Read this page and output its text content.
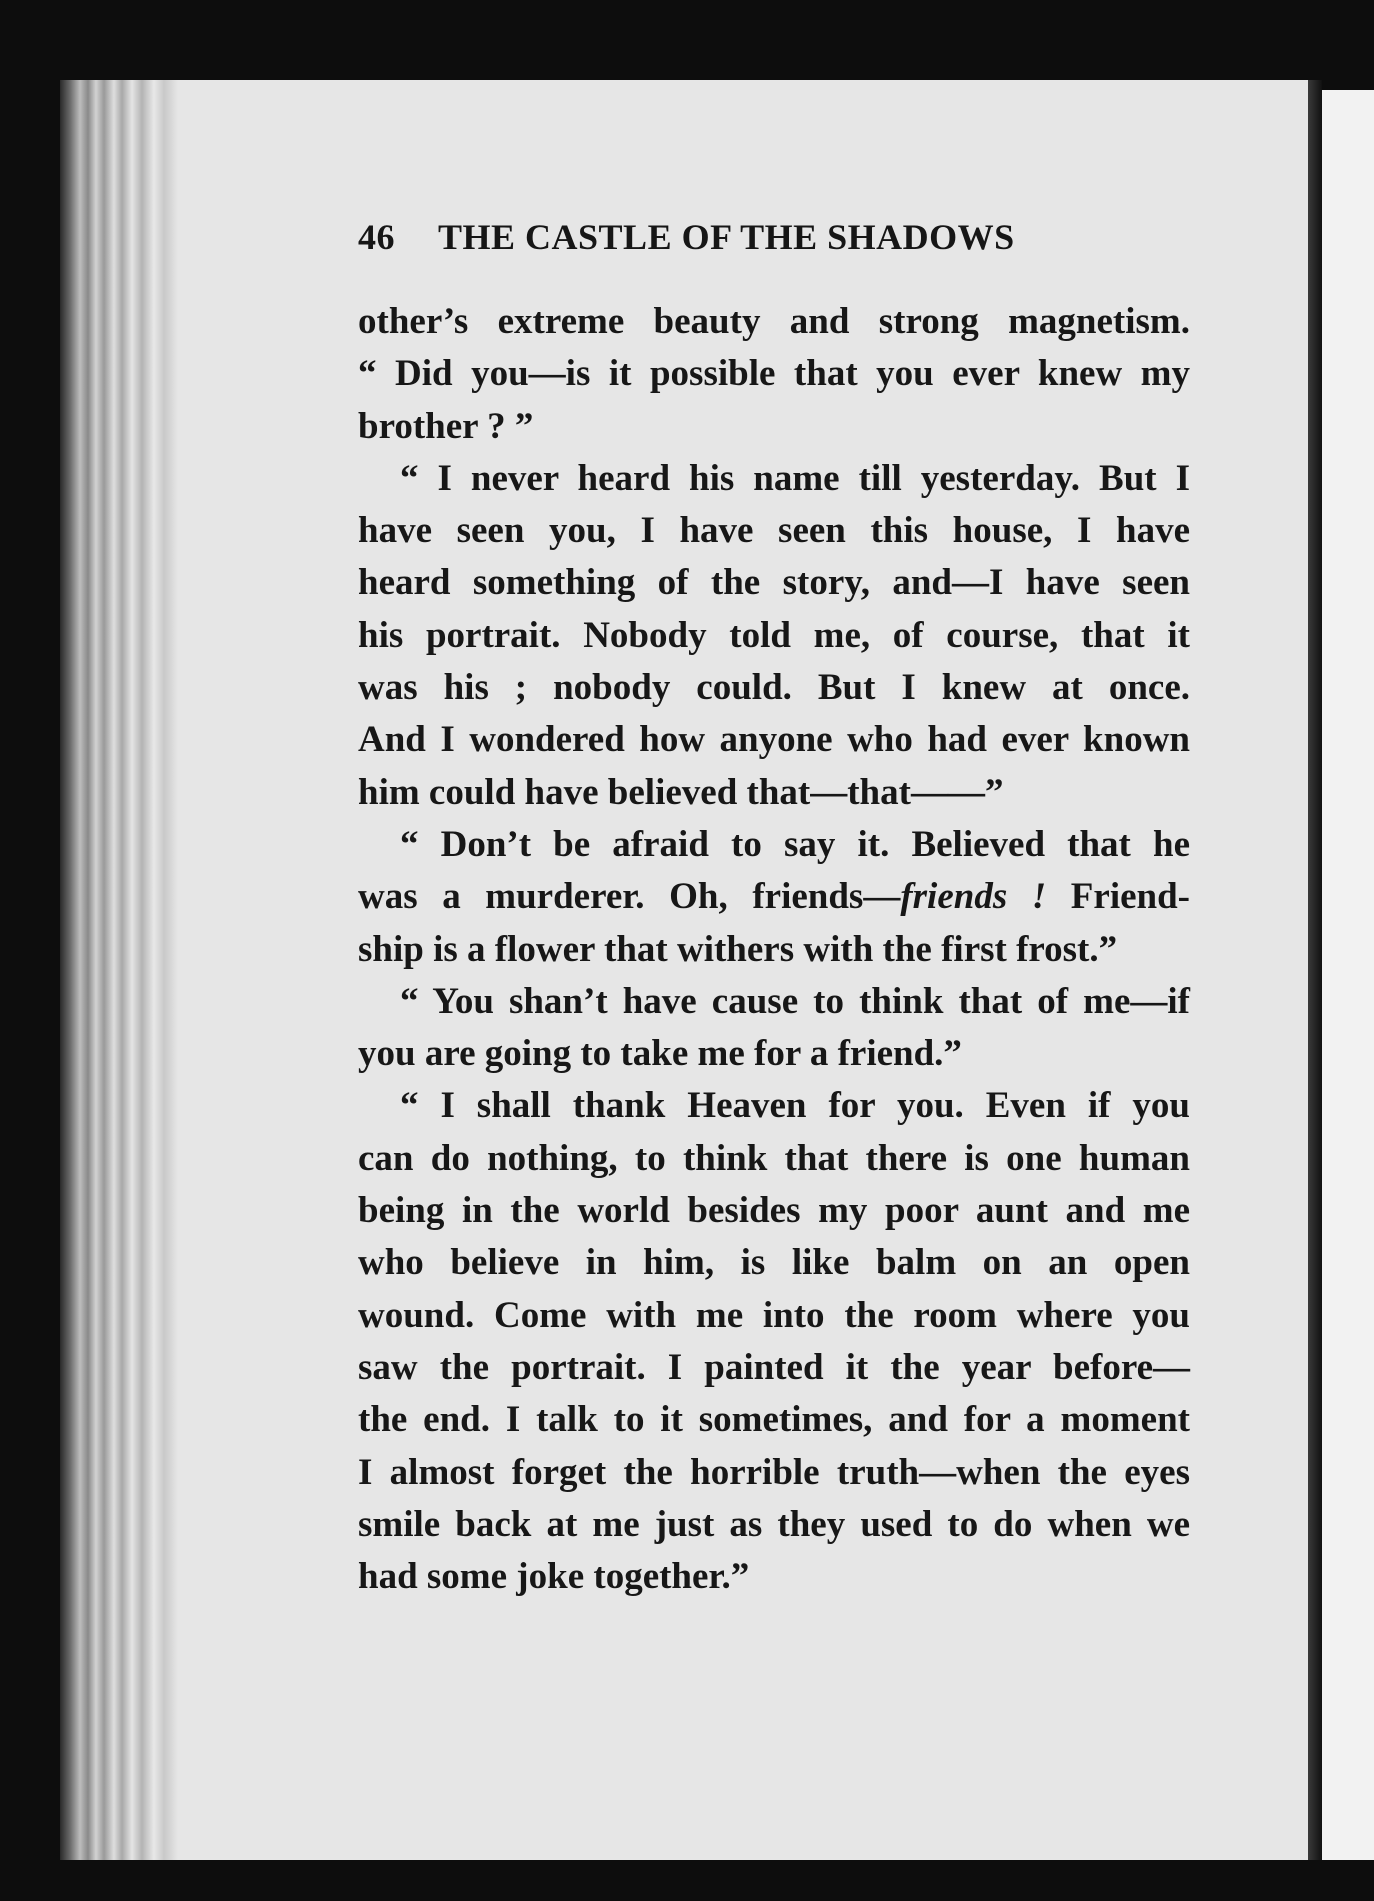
46 THE CASTLE OF THE SHADOWS
other’s extreme beauty and strong magnetism.
“ Did you—is it possible that you ever knew my
brother ? ”
“ I never heard his name till yesterday. But I
have seen you, I have seen this house, I have
heard something of the story, and—I have seen
his portrait. Nobody told me, of course, that it
was his ; nobody could. But I knew at once.
And I wondered how anyone who had ever known
him could have believed that—that——”
“ Don’t be afraid to say it. Believed that he
was a murderer. Oh, friends—friends ! Friend-
ship is a flower that withers with the first frost.”
“ You shan’t have cause to think that of me—if
you are going to take me for a friend.”
“ I shall thank Heaven for you. Even if you
can do nothing, to think that there is one human
being in the world besides my poor aunt and me
who believe in him, is like balm on an open
wound. Come with me into the room where you
saw the portrait. I painted it the year before—
the end. I talk to it sometimes, and for a moment
I almost forget the horrible truth—when the eyes
smile back at me just as they used to do when we
had some joke together.”
